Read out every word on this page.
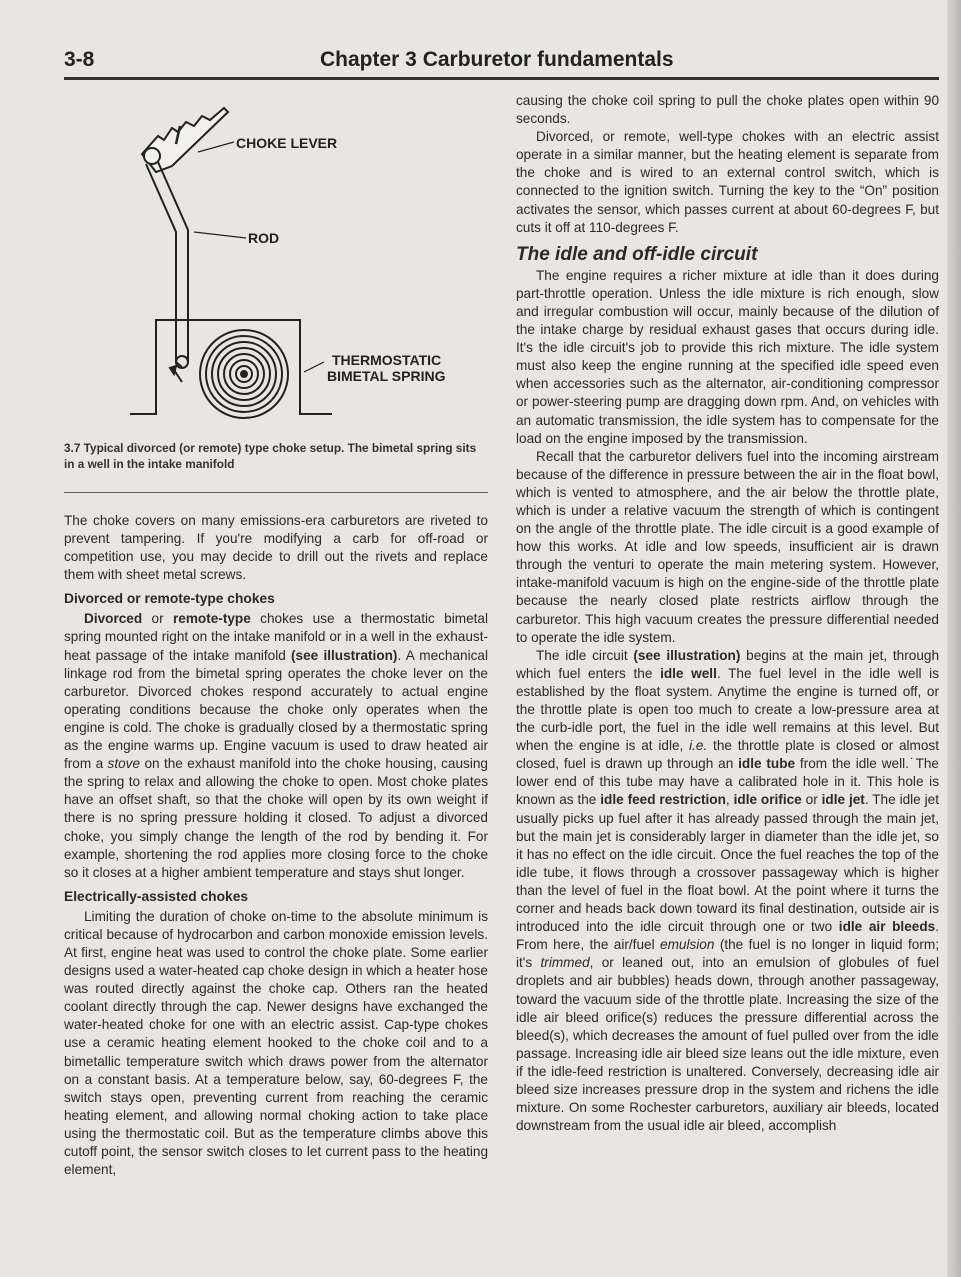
3-8	Chapter 3 Carburetor fundamentals
CHOKE LEVER
ROD
THERMOSTATIC
BIMETAL SPRING
3.7 Typical divorced (or remote) type choke setup. The bimetal spring sits in a well in the intake manifold

The choke covers on many emissions-era carburetors are riveted to prevent tampering. If you're modifying a carb for off-road or competition use, you may decide to drill out the rivets and replace them with sheet metal screws.

Divorced or remote-type chokes

Divorced or remote-type chokes use a thermostatic bimetal spring mounted right on the intake manifold or in a well in the exhaust-heat passage of the intake manifold (see illustration). A mechanical linkage rod from the bimetal spring operates the choke lever on the carburetor. Divorced chokes respond accurately to actual engine operating conditions because the choke only operates when the engine is cold. The choke is gradually closed by a thermostatic spring as the engine warms up. Engine vacuum is used to draw heated air from a stove on the exhaust manifold into the choke housing, causing the spring to relax and allowing the choke to open. Most choke plates have an offset shaft, so that the choke will open by its own weight if there is no spring pressure holding it closed. To adjust a divorced choke, you simply change the length of the rod by bending it. For example, shortening the rod applies more closing force to the choke so it closes at a higher ambient temperature and stays shut longer.

Electrically-assisted chokes

Limiting the duration of choke on-time to the absolute minimum is critical because of hydrocarbon and carbon monoxide emission levels. At first, engine heat was used to control the choke plate. Some earlier designs used a water-heated cap choke design in which a heater hose was routed directly against the choke cap. Others ran the heated coolant directly through the cap. Newer designs have exchanged the water-heated choke for one with an electric assist. Cap-type chokes use a ceramic heating element hooked to the choke coil and to a bimetallic temperature switch which draws power from the alternator on a constant basis. At a temperature below, say, 60-degrees F, the switch stays open, preventing current from reaching the ceramic heating element, and allowing normal choking action to take place using the thermostatic coil. But as the temperature climbs above this cutoff point, the sensor switch closes to let current pass to the heating element,

causing the choke coil spring to pull the choke plates open within 90 seconds.

Divorced, or remote, well-type chokes with an electric assist operate in a similar manner, but the heating element is separate from the choke and is wired to an external control switch, which is connected to the ignition switch. Turning the key to the “On” position activates the sensor, which passes current at about 60-degrees F, but cuts it off at 110-degrees F.

The idle and off-idle circuit

The engine requires a richer mixture at idle than it does during part-throttle operation. Unless the idle mixture is rich enough, slow and irregular combustion will occur, mainly because of the dilution of the intake charge by residual exhaust gases that occurs during idle. It's the idle circuit's job to provide this rich mixture. The idle system must also keep the engine running at the specified idle speed even when accessories such as the alternator, air-conditioning compressor or power-steering pump are dragging down rpm. And, on vehicles with an automatic transmission, the idle system has to compensate for the load on the engine imposed by the transmission.

Recall that the carburetor delivers fuel into the incoming airstream because of the difference in pressure between the air in the float bowl, which is vented to atmosphere, and the air below the throttle plate, which is under a relative vacuum the strength of which is contingent on the angle of the throttle plate. The idle circuit is a good example of how this works. At idle and low speeds, insufficient air is drawn through the venturi to operate the main metering system. However, intake-manifold vacuum is high on the engine-side of the throttle plate because the nearly closed plate restricts airflow through the carburetor. This high vacuum creates the pressure differential needed to operate the idle system.

The idle circuit (see illustration) begins at the main jet, through which fuel enters the idle well. The fuel level in the idle well is established by the float system. Anytime the engine is turned off, or the throttle plate is open too much to create a low-pressure area at the curb-idle port, the fuel in the idle well remains at this level. But when the engine is at idle, i.e. the throttle plate is closed or almost closed, fuel is drawn up through an idle tube from the idle well.˙The lower end of this tube may have a calibrated hole in it. This hole is known as the idle feed restriction, idle orifice or idle jet. The idle jet usually picks up fuel after it has already passed through the main jet, but the main jet is considerably larger in diameter than the idle jet, so it has no effect on the idle circuit. Once the fuel reaches the top of the idle tube, it flows through a crossover passageway which is higher than the level of fuel in the float bowl. At the point where it turns the corner and heads back down toward its final destination, outside air is introduced into the idle circuit through one or two idle air bleeds. From here, the air/fuel emulsion (the fuel is no longer in liquid form; it's trimmed, or leaned out, into an emulsion of globules of fuel droplets and air bubbles) heads down, through another passageway, toward the vacuum side of the throttle plate. Increasing the size of the idle air bleed orifice(s) reduces the pressure differential across the bleed(s), which decreases the amount of fuel pulled over from the idle passage. Increasing idle air bleed size leans out the idle mixture, even if the idle-feed restriction is unaltered. Conversely, decreasing idle air bleed size increases pressure drop in the system and richens the idle mixture. On some Rochester carburetors, auxiliary air bleeds, located downstream from the usual idle air bleed, accomplish
